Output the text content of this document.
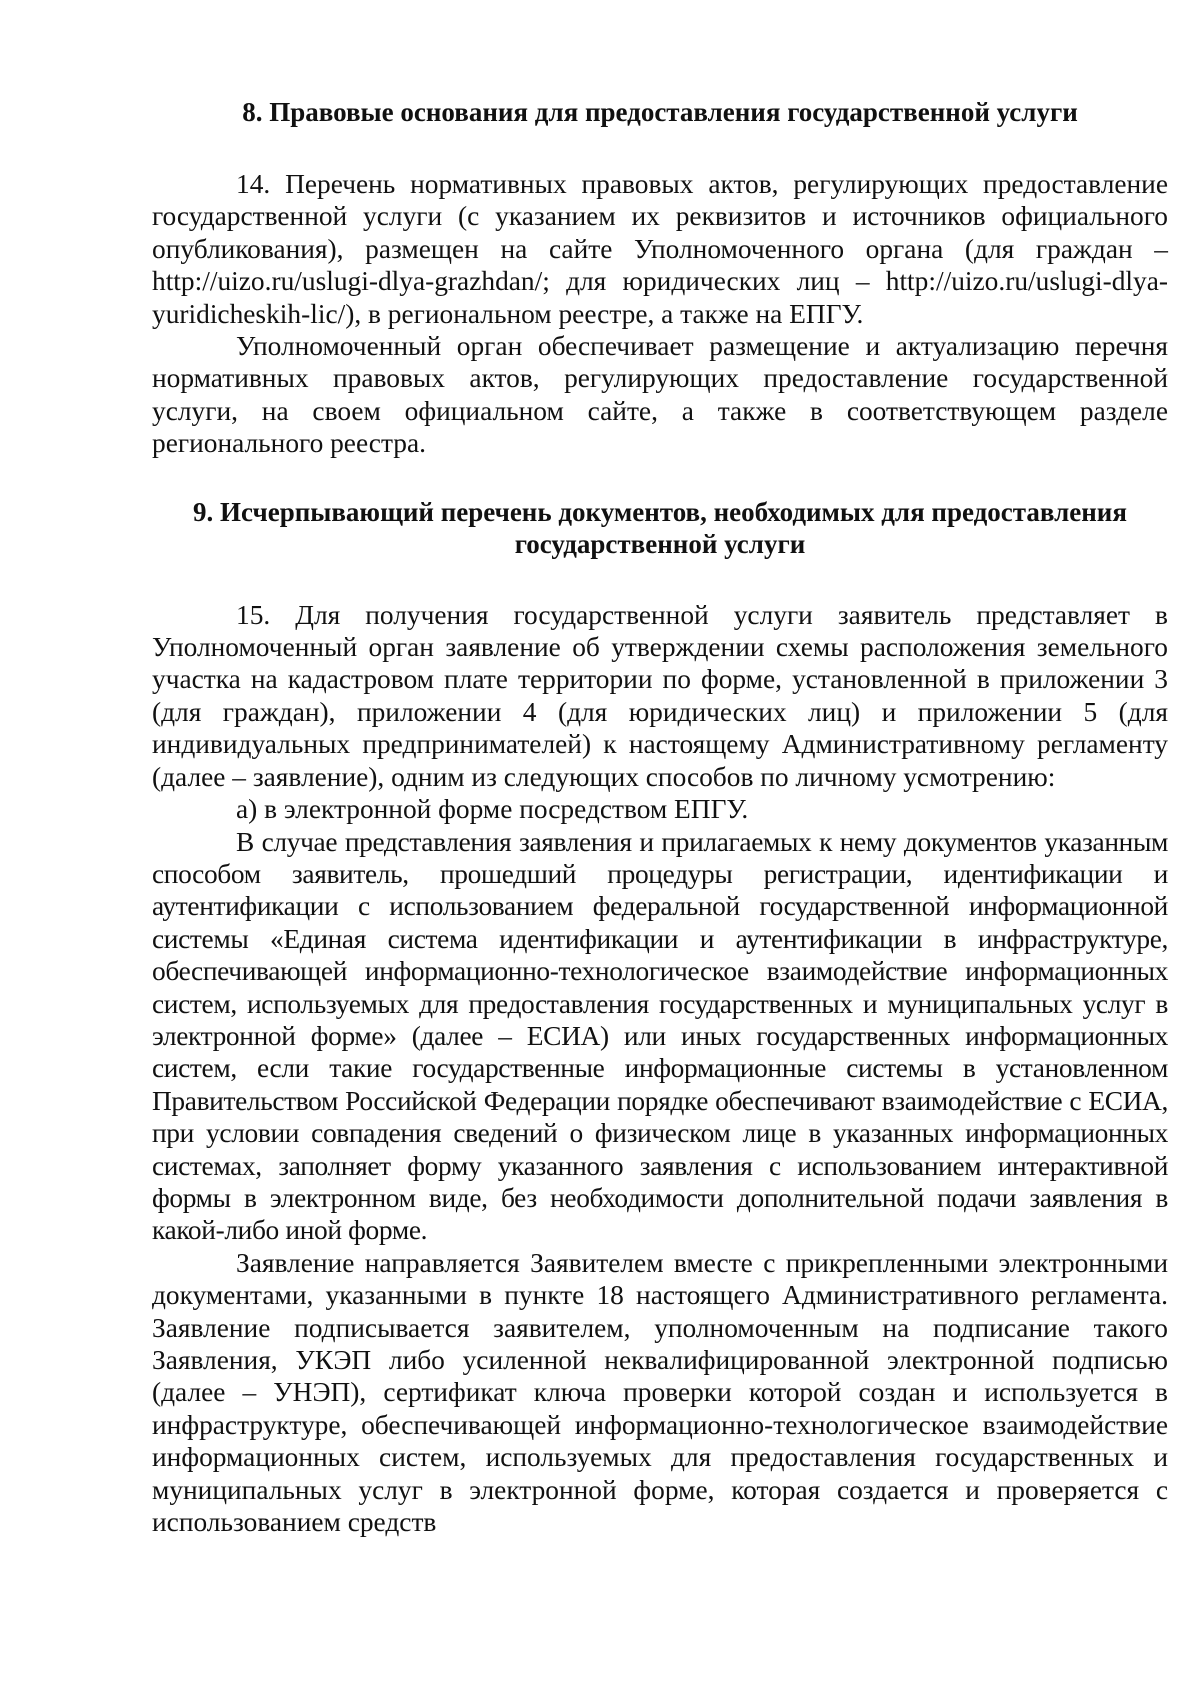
8. Правовые основания для предоставления государственной услуги

14. Перечень нормативных правовых актов, регулирующих предоставление государственной услуги (с указанием их реквизитов и источников официального опубликования), размещен на сайте Уполномоченного органа (для граждан – http://uizo.ru/uslugi-dlya-grazhdan/; для юридических лиц – http://uizo.ru/uslugi-dlya-yuridicheskih-lic/), в региональном реестре, а также на ЕПГУ.

Уполномоченный орган обеспечивает размещение и актуализацию перечня нормативных правовых актов, регулирующих предоставление государственной услуги, на своем официальном сайте, а также в соответствующем разделе регионального реестра.

9. Исчерпывающий перечень документов, необходимых для предоставления
государственной услуги

15. Для получения государственной услуги заявитель представляет в Уполномоченный орган заявление об утверждении схемы расположения земельного участка на кадастровом плате территории по форме, установленной в приложении 3 (для граждан), приложении 4 (для юридических лиц) и приложении 5 (для индивидуальных предпринимателей) к настоящему Административному регламенту (далее – заявление), одним из следующих способов по личному усмотрению:

а) в электронной форме посредством ЕПГУ.

В случае представления заявления и прилагаемых к нему документов указанным способом заявитель, прошедший процедуры регистрации, идентификации и аутентификации с использованием федеральной государственной информационной системы «Единая система идентификации и аутентификации в инфраструктуре, обеспечивающей информационно-технологическое взаимодействие информационных систем, используемых для предоставления государственных и муниципальных услуг в электронной форме» (далее – ЕСИА) или иных государственных информационных систем, если такие государственные информационные системы в установленном Правительством Российской Федерации порядке обеспечивают взаимодействие с ЕСИА, при условии совпадения сведений о физическом лице в указанных информационных системах, заполняет форму указанного заявления с использованием интерактивной формы в электронном виде, без необходимости дополнительной подачи заявления в какой-либо иной форме.

Заявление направляется Заявителем вместе с прикрепленными электронными документами, указанными в пункте 18 настоящего Административного регламента. Заявление подписывается заявителем, уполномоченным на подписание такого Заявления, УКЭП либо усиленной неквалифицированной электронной подписью (далее – УНЭП), сертификат ключа проверки которой создан и используется в инфраструктуре, обеспечивающей информационно-технологическое взаимодействие информационных систем, используемых для предоставления государственных и муниципальных услуг в электронной форме, которая создается и проверяется с использованием средств
